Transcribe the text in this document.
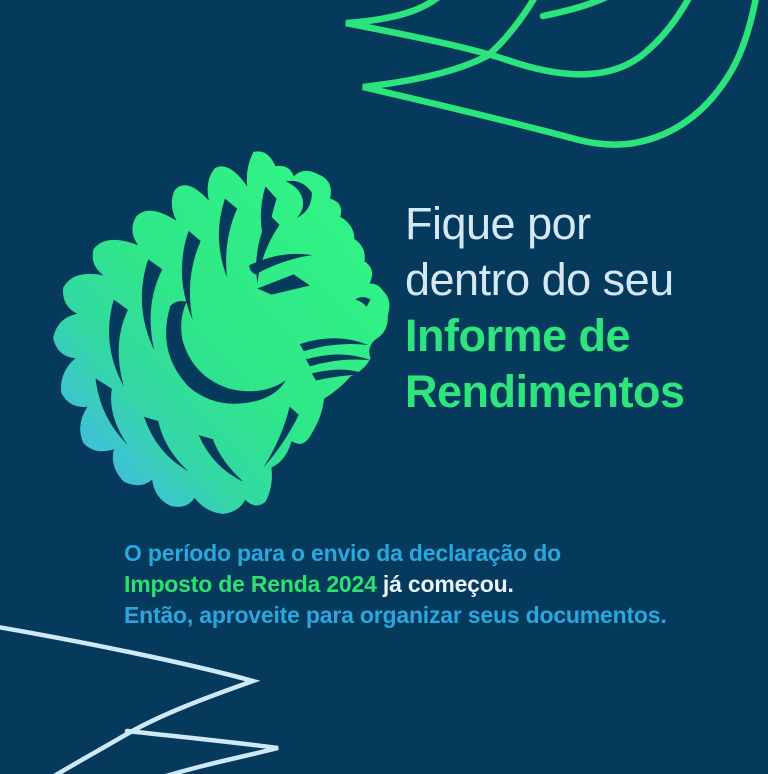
Fique por
dentro do seu
Informe de
Rendimentos
O período para o envio da declaração do
Imposto de Renda 2024 já começou.
Então, aproveite para organizar seus documentos.
